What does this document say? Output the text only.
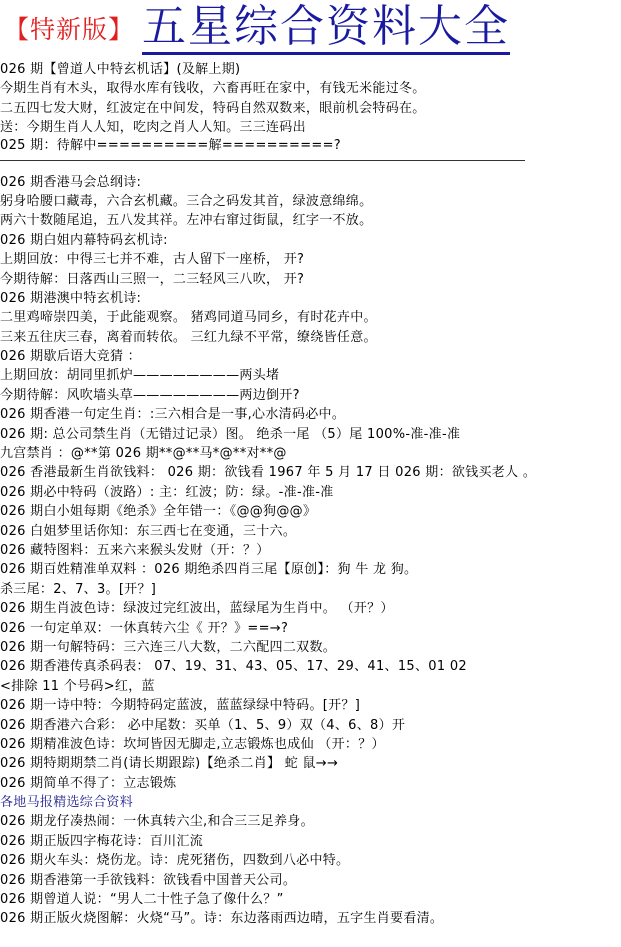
【特新版】 五星综合资料大全
026 期【曾道人中特玄机话】(及解上期)
今期生肖有木头，取得水库有钱收，六畜再旺在家中，有钱无米能过冬。
二五四七发大财，红波定在中间发，特码自然双数来，眼前机会特码在。
送：今期生肖人人知，吃肉之肖人人知。三三连码出
025 期：待解中==========解==========?
026 期香港马会总纲诗:
躬身哈腰口藏毒，六合玄机藏。三合之码发其首，绿波意绵绵。
两六十数随尾追，五八发其祥。左冲右窜过街鼠，红字一不放。
026 期白姐内幕特码玄机诗:
上期回放：中得三七并不难，古人留下一座桥， 开?
今期待解：日落西山三照一，二三轻风三八吹， 开?
026 期港澳中特玄机诗:
二里鸡啼崇四美，于此能观察。 猪鸡同道马同乡，有时花卉中。
三来五往庆三春，离着而转依。 三红九绿不平常，缭绕皆任意。
026 期歇后语大竞猜 ：
上期回放：胡同里抓炉————————两头堵
今期待解：风吹墙头草————————两边倒开?
026 期香港一句定生肖：:三六相合是一事,心水清码必中。
026 期: 总公司禁生肖（无错过记录）图。 绝杀一尾 （5）尾 100%-准-准-准
九宫禁肖 ：@**第 026 期**@**马*@**对**@
026 香港最新生肖欲钱料： 026 期：欲钱看 1967 年 5 月 17 日 026 期：欲钱买老人 。
026 期必中特码（波路）: 主：红波；防：绿。-准-准-准
026 期白小姐每期《绝杀》全年错一：《@@狗@@》
026 白姐梦里话你知：东三西七在变通，三十六。
026 藏特图料：五来六来猴头发财（开：？）
026 期百姓精准单双料 ：026 期绝杀四肖三尾【原创】：狗 牛 龙 狗。
杀三尾：2、7、3。[开？]
026 期生肖波色诗：绿波过完红波出，蓝绿尾为生肖中。 （开？）
026 一句定单双：一休真转六尘《 开？》==→?
026 期一句解特码：三六连三八大数，二六配四二双数。
026 期香港传真杀码表： 07、19、31、43、05、17、29、41、15、01 02
<排除 11 个号码>红，蓝
026 期一诗中特：今期特码定蓝波，蓝蓝绿绿中特码。[开？]
026 期香港六合彩： 必中尾数：买单（1、5、9）双（4、6、8）开
026 期精准波色诗：坎坷皆因无脚走,立志锻炼也成仙 （开：？）
026 期特期期禁二肖(请长期跟踪)【绝杀二肖】 蛇 鼠→→
026 期简单不得了：立志锻炼
各地马报精选综合资料
026 期龙仔凑热闹：一休真转六尘,和合三三足养身。
026 期正版四字梅花诗：百川汇流
026 期火车头：烧伤龙。诗：虎死猪伤，四数到八必中特。
026 期香港第一手欲钱料：欲钱看中国普天公司。
026 期曾道人说：“男人二十性子急了像什么？”
026 期正版火烧图解：火烧“马”。诗：东边落雨西边晴，五字生肖要看清。
